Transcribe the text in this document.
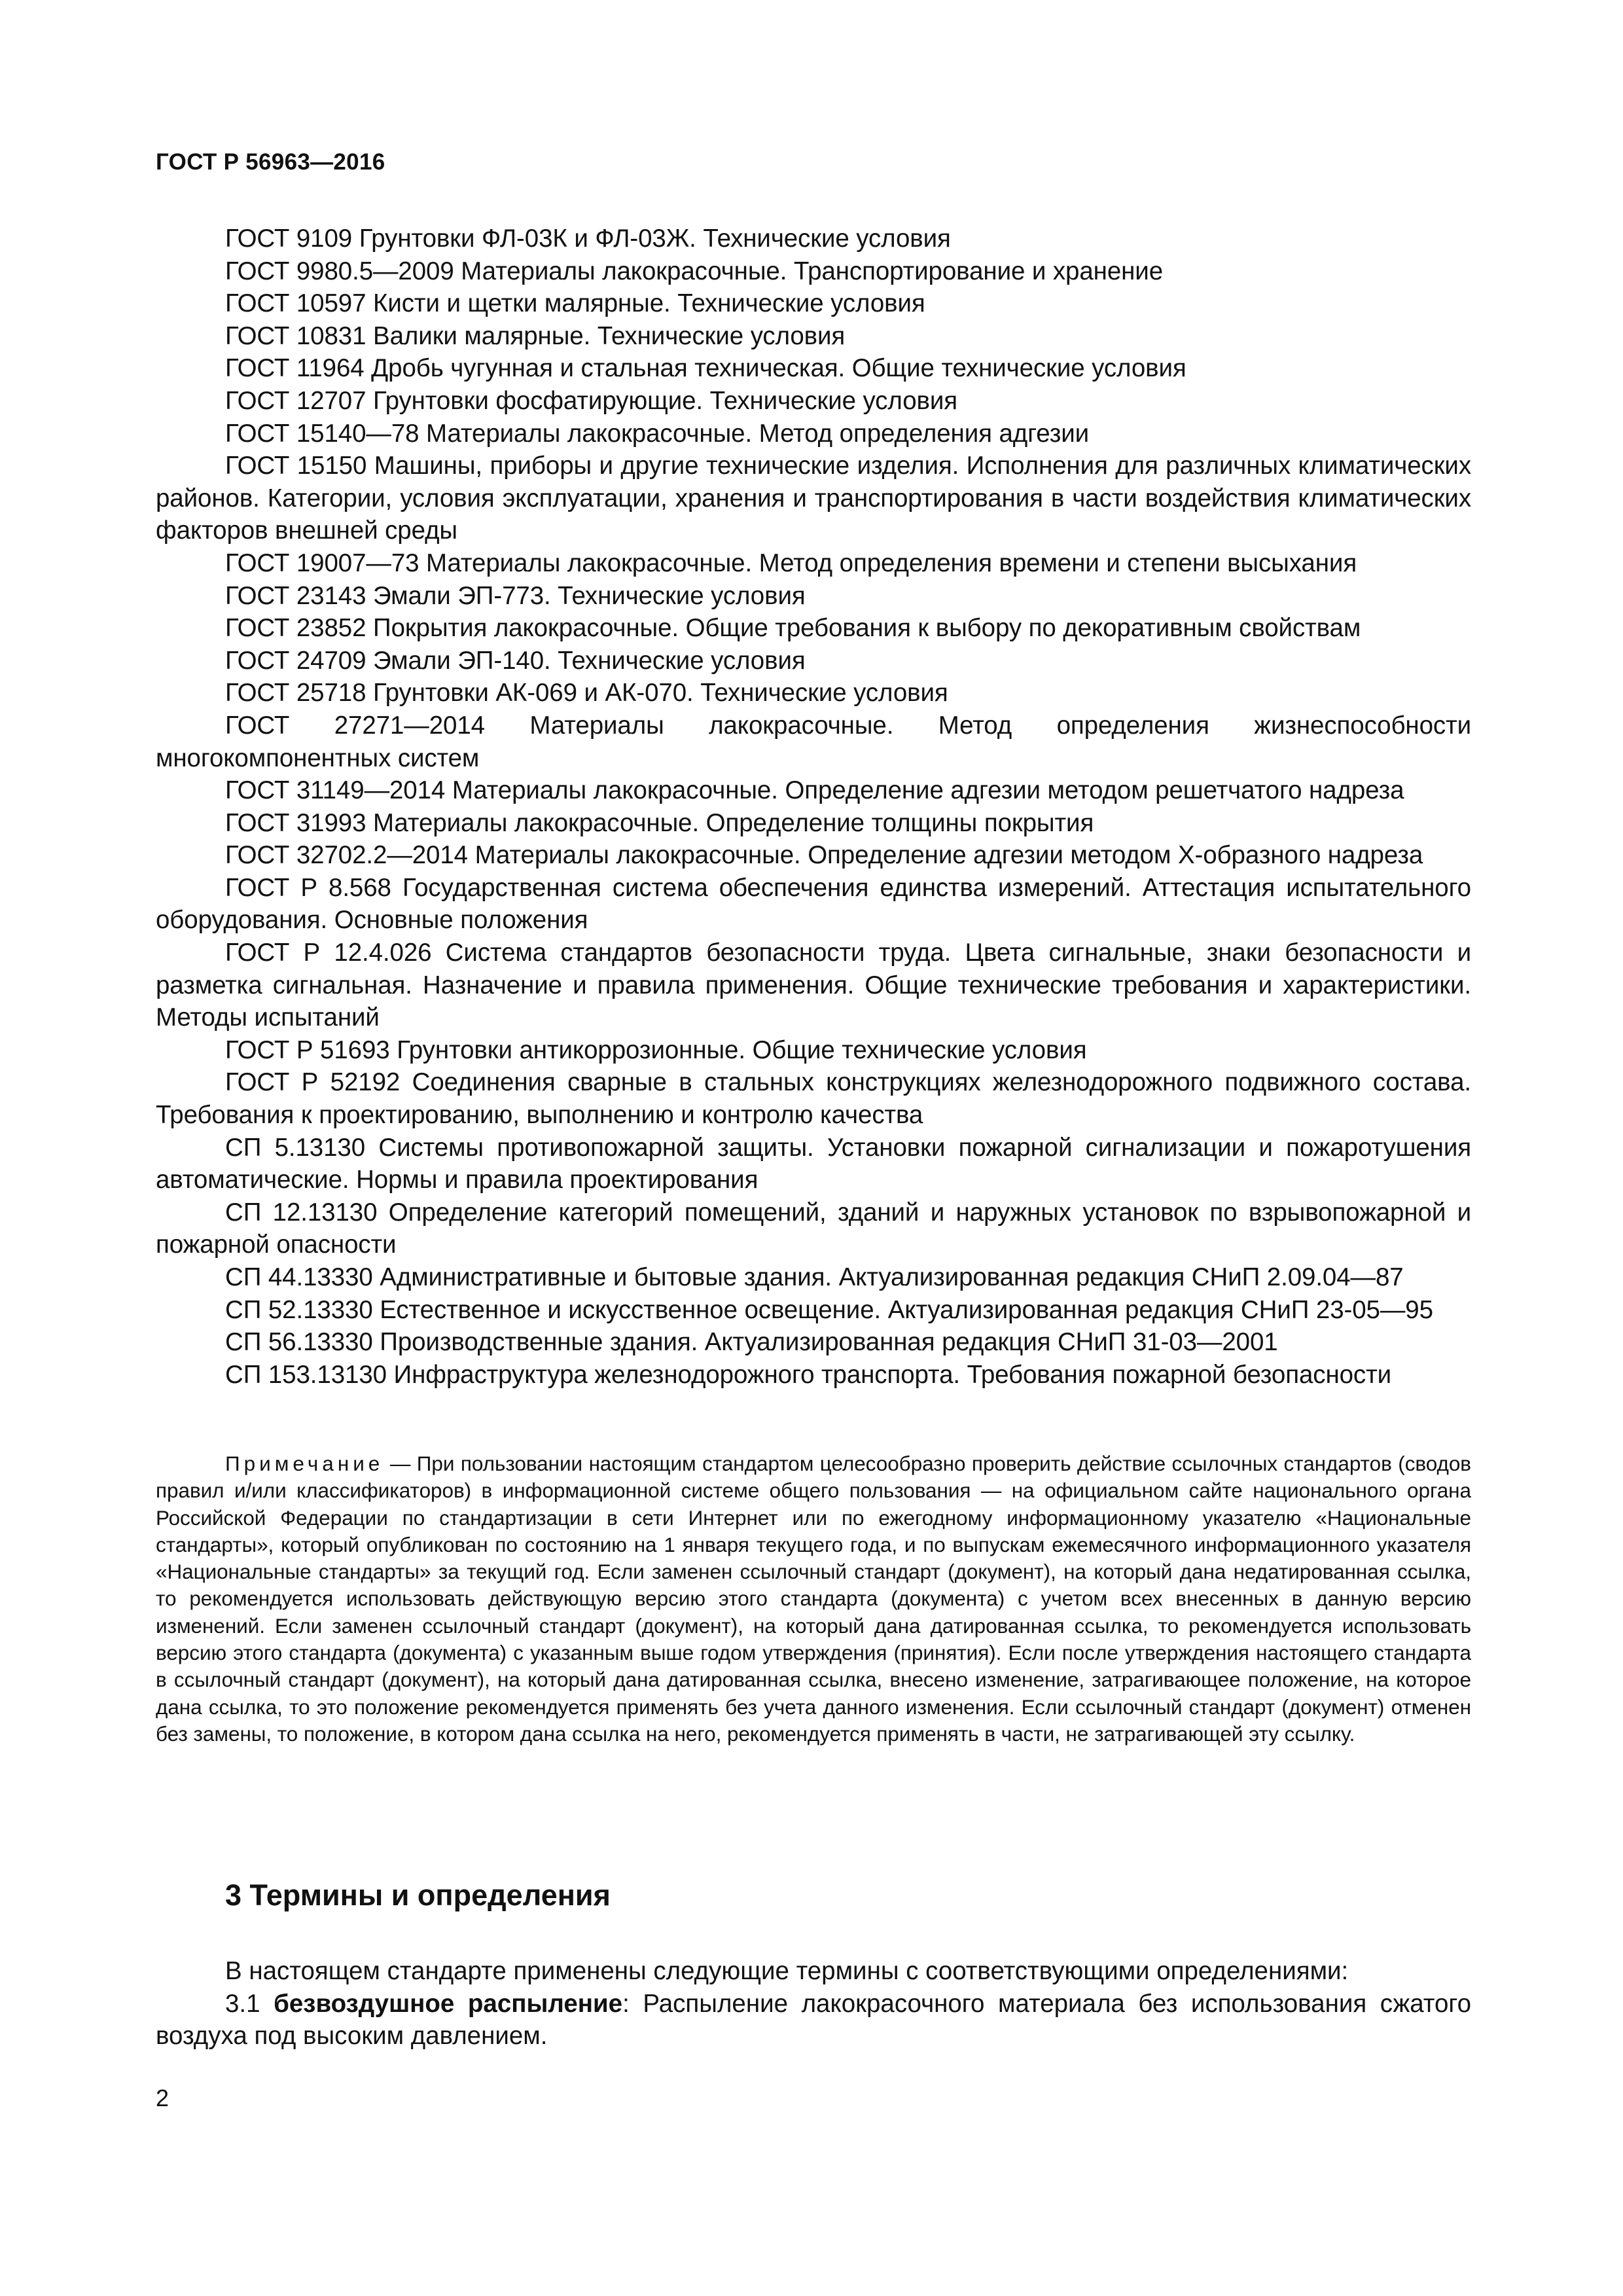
ГОСТ Р 56963—2016

ГОСТ 9109 Грунтовки ФЛ-03К и ФЛ-03Ж. Технические условия

ГОСТ 9980.5—2009 Материалы лакокрасочные. Транспортирование и хранение

ГОСТ 10597 Кисти и щетки малярные. Технические условия

ГОСТ 10831 Валики малярные. Технические условия

ГОСТ 11964 Дробь чугунная и стальная техническая. Общие технические условия

ГОСТ 12707 Грунтовки фосфатирующие. Технические условия

ГОСТ 15140—78 Материалы лакокрасочные. Метод определения адгезии

ГОСТ 15150 Машины, приборы и другие технические изделия. Исполнения для различных климатических районов. Категории, условия эксплуатации, хранения и транспортирования в части воздействия климатических факторов внешней среды

ГОСТ 19007—73 Материалы лакокрасочные. Метод определения времени и степени высыхания

ГОСТ 23143 Эмали ЭП-773. Технические условия

ГОСТ 23852 Покрытия лакокрасочные. Общие требования к выбору по декоративным свойствам

ГОСТ 24709 Эмали ЭП-140. Технические условия

ГОСТ 25718 Грунтовки АК-069 и АК-070. Технические условия

ГОСТ 27271—2014 Материалы лакокрасочные. Метод определения жизнеспособности многокомпонентных систем

ГОСТ 31149—2014 Материалы лакокрасочные. Определение адгезии методом решетчатого надреза

ГОСТ 31993 Материалы лакокрасочные. Определение толщины покрытия

ГОСТ 32702.2—2014 Материалы лакокрасочные. Определение адгезии методом Х-образного надреза

ГОСТ Р 8.568 Государственная система обеспечения единства измерений. Аттестация испытательного оборудования. Основные положения

ГОСТ Р 12.4.026 Система стандартов безопасности труда. Цвета сигнальные, знаки безопасности и разметка сигнальная. Назначение и правила применения. Общие технические требования и характеристики. Методы испытаний

ГОСТ Р 51693 Грунтовки антикоррозионные. Общие технические условия

ГОСТ Р 52192 Соединения сварные в стальных конструкциях железнодорожного подвижного состава. Требования к проектированию, выполнению и контролю качества

СП 5.13130 Системы противопожарной защиты. Установки пожарной сигнализации и пожаротушения автоматические. Нормы и правила проектирования

СП 12.13130 Определение категорий помещений, зданий и наружных установок по взрывопожарной и пожарной опасности

СП 44.13330 Административные и бытовые здания. Актуализированная редакция СНиП 2.09.04—87

СП 52.13330 Естественное и искусственное освещение. Актуализированная редакция СНиП 23-05—95

СП 56.13330 Производственные здания. Актуализированная редакция СНиП 31-03—2001

СП 153.13130 Инфраструктура железнодорожного транспорта. Требования пожарной безопасности

Примечание — При пользовании настоящим стандартом целесообразно проверить действие ссылочных стандартов (сводов правил и/или классификаторов) в информационной системе общего пользования — на официальном сайте национального органа Российской Федерации по стандартизации в сети Интернет или по ежегодному информационному указателю «Национальные стандарты», который опубликован по состоянию на 1 января текущего года, и по выпускам ежемесячного информационного указателя «Национальные стандарты» за текущий год. Если заменен ссылочный стандарт (документ), на который дана недатированная ссылка, то рекомендуется использовать действующую версию этого стандарта (документа) с учетом всех внесенных в данную версию изменений. Если заменен ссылочный стандарт (документ), на который дана датированная ссылка, то рекомендуется использовать версию этого стандарта (документа) с указанным выше годом утверждения (принятия). Если после утверждения настоящего стандарта в ссылочный стандарт (документ), на который дана датированная ссылка, внесено изменение, затрагивающее положение, на которое дана ссылка, то это положение рекомендуется применять без учета данного изменения. Если ссылочный стандарт (документ) отменен без замены, то положение, в котором дана ссылка на него, рекомендуется применять в части, не затрагивающей эту ссылку.

3 Термины и определения

В настоящем стандарте применены следующие термины с соответствующими определениями:

3.1 безвоздушное распыление: Распыление лакокрасочного материала без использования сжатого воздуха под высоким давлением.

2
